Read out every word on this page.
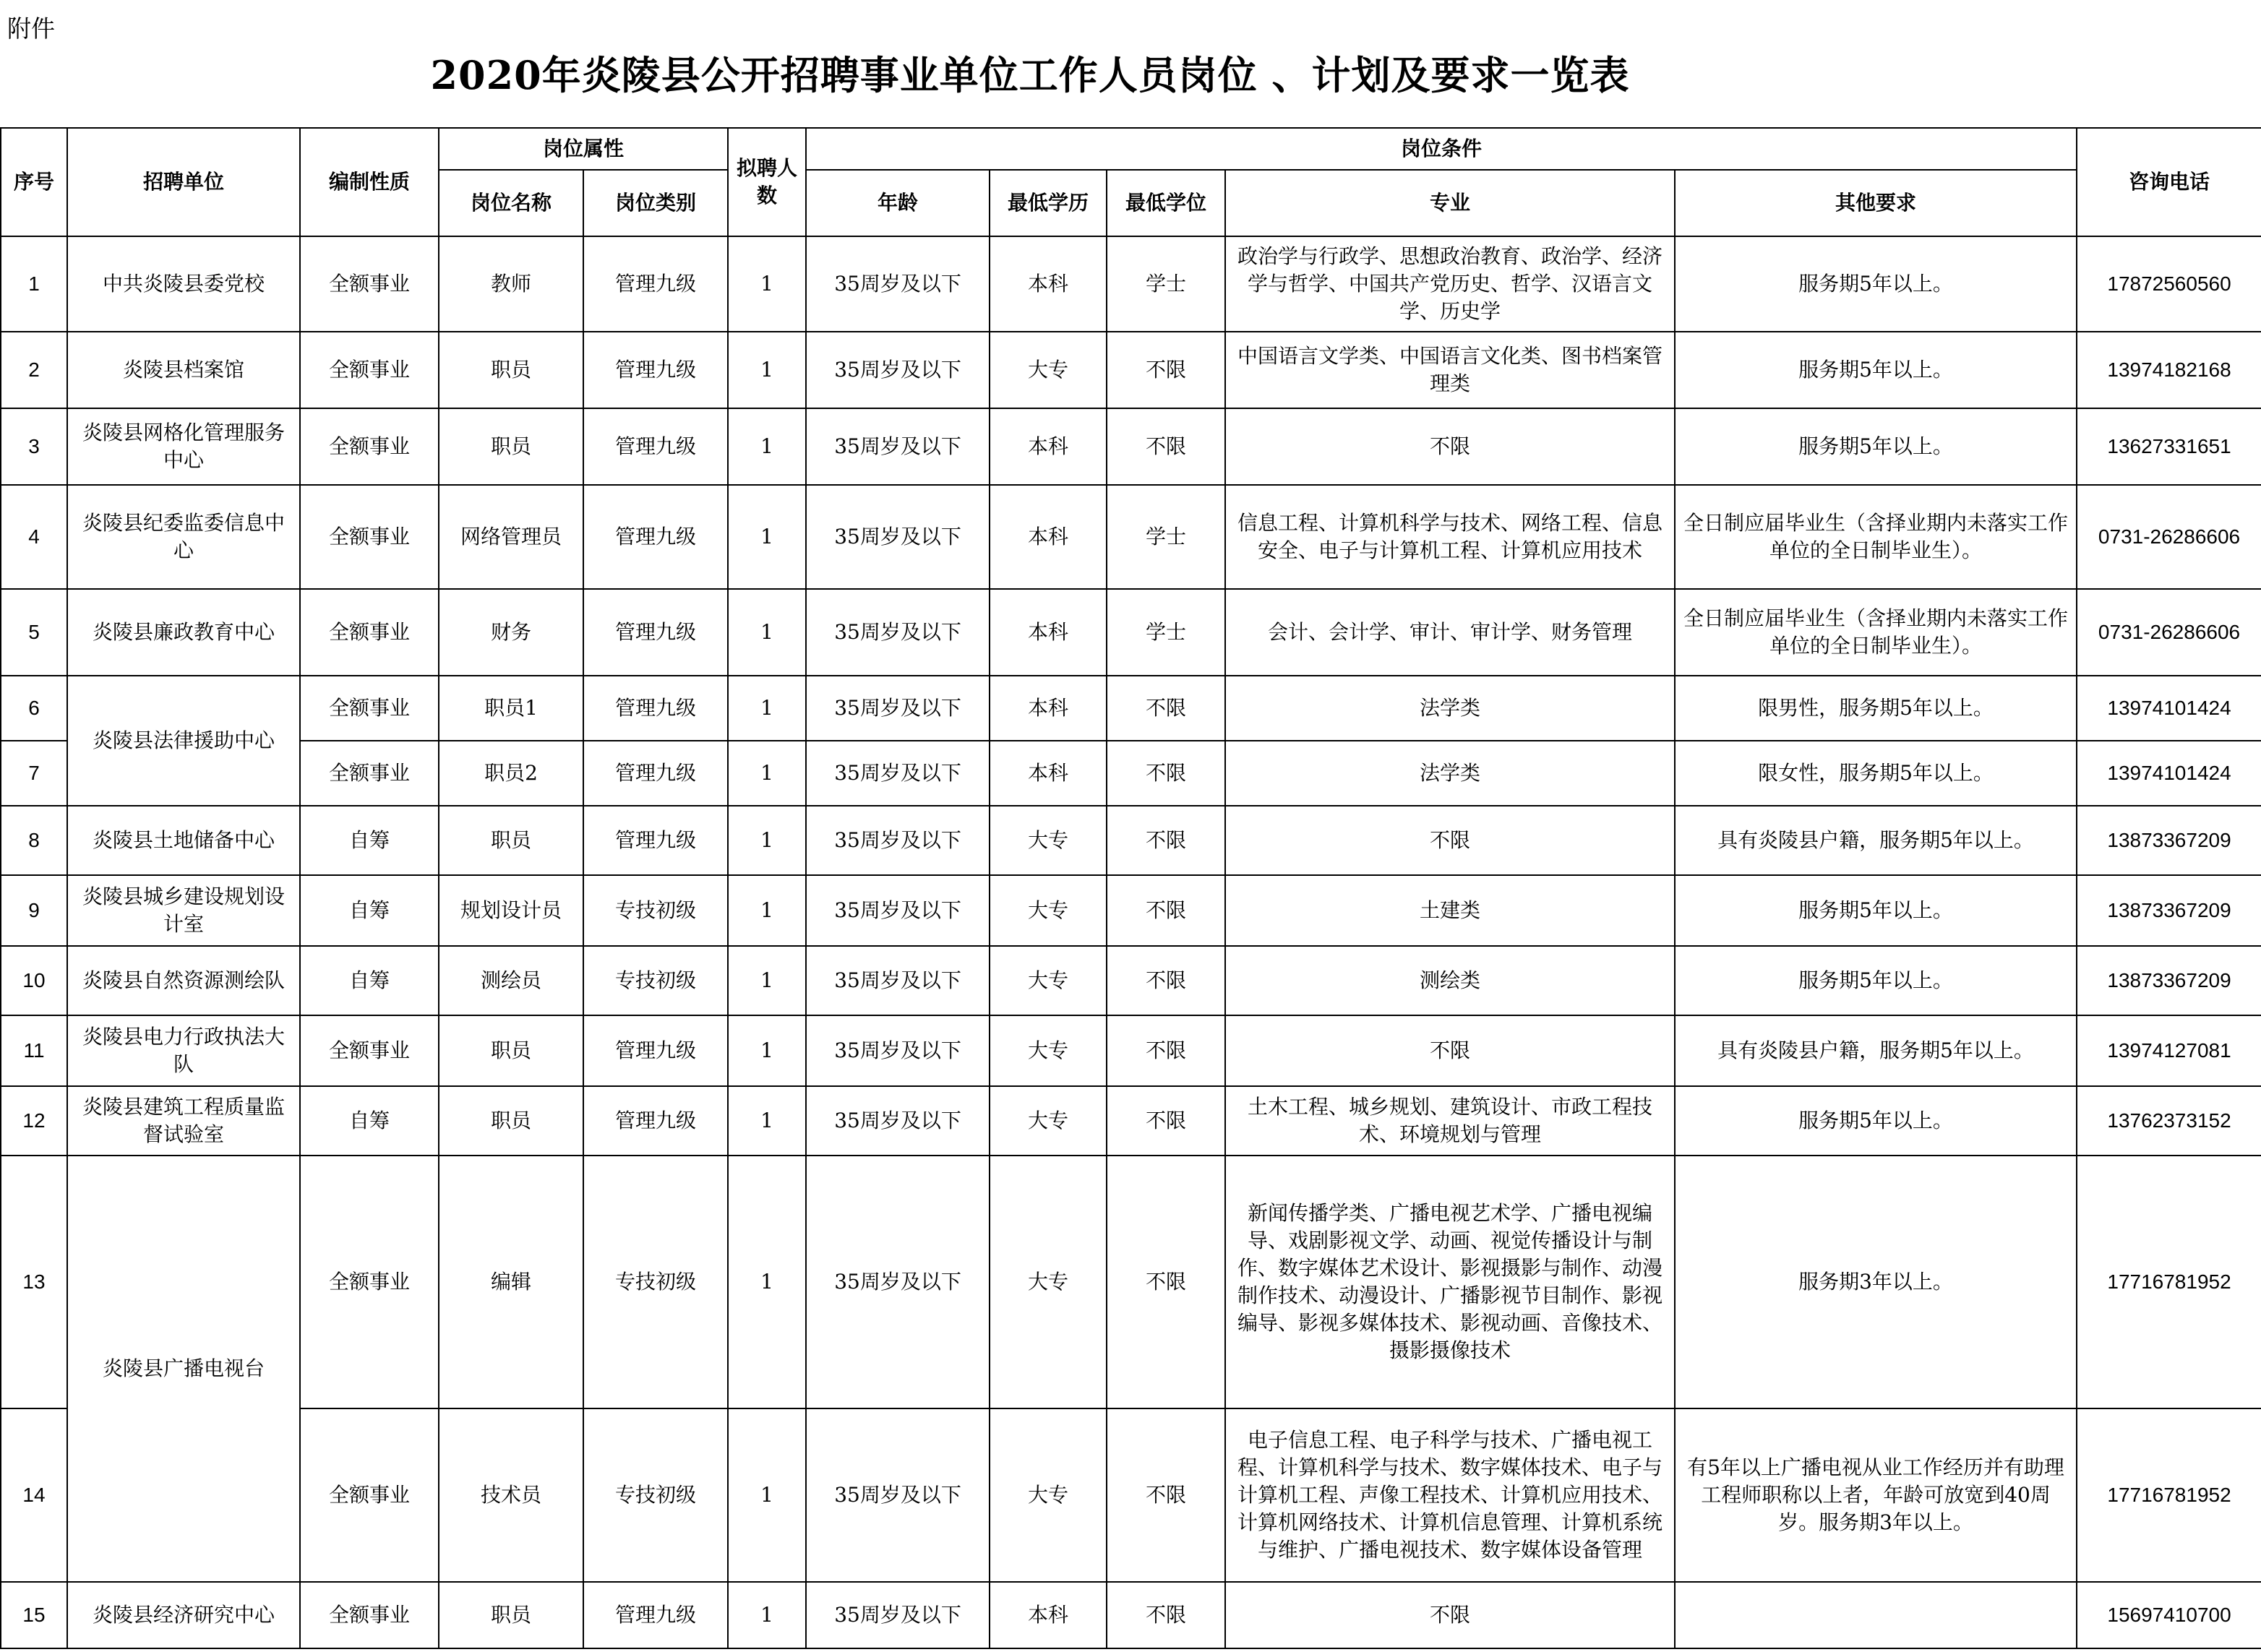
附件
2020年炎陵县公开招聘事业单位工作人员岗位 、计划及要求一览表
序号	招聘单位	编制性质	岗位属性		拟聘人数	岗位条件					咨询电话
			岗位名称	岗位类别		年龄	最低学历	最低学位	专业	其他要求	
1	中共炎陵县委党校	全额事业	教师	管理九级	1	35周岁及以下	本科	学士	政治学与行政学、思想政治教育、政治学、经济学与哲学、中国共产党历史、哲学、汉语言文学、历史学	服务期5年以上。	17872560560
2	炎陵县档案馆	全额事业	职员	管理九级	1	35周岁及以下	大专	不限	中国语言文学类、中国语言文化类、图书档案管理类	服务期5年以上。	13974182168
3	炎陵县网格化管理服务中心	全额事业	职员	管理九级	1	35周岁及以下	本科	不限	不限	服务期5年以上。	13627331651
4	炎陵县纪委监委信息中心	全额事业	网络管理员	管理九级	1	35周岁及以下	本科	学士	信息工程、计算机科学与技术、网络工程、信息安全、电子与计算机工程、计算机应用技术	全日制应届毕业生（含择业期内未落实工作单位的全日制毕业生）。	0731-26286606
5	炎陵县廉政教育中心	全额事业	财务	管理九级	1	35周岁及以下	本科	学士	会计、会计学、审计、审计学、财务管理	全日制应届毕业生（含择业期内未落实工作单位的全日制毕业生）。	0731-26286606
6	炎陵县法律援助中心	全额事业	职员1	管理九级	1	35周岁及以下	本科	不限	法学类	限男性，服务期5年以上。	13974101424
7		全额事业	职员2	管理九级	1	35周岁及以下	本科	不限	法学类	限女性，服务期5年以上。	13974101424
8	炎陵县土地储备中心	自筹	职员	管理九级	1	35周岁及以下	大专	不限	不限	具有炎陵县户籍，服务期5年以上。	13873367209
9	炎陵县城乡建设规划设计室	自筹	规划设计员	专技初级	1	35周岁及以下	大专	不限	土建类	服务期5年以上。	13873367209
10	炎陵县自然资源测绘队	自筹	测绘员	专技初级	1	35周岁及以下	大专	不限	测绘类	服务期5年以上。	13873367209
11	炎陵县电力行政执法大队	全额事业	职员	管理九级	1	35周岁及以下	大专	不限	不限	具有炎陵县户籍，服务期5年以上。	13974127081
12	炎陵县建筑工程质量监督试验室	自筹	职员	管理九级	1	35周岁及以下	大专	不限	土木工程、城乡规划、建筑设计、市政工程技术、环境规划与管理	服务期5年以上。	13762373152
13	炎陵县广播电视台	全额事业	编辑	专技初级	1	35周岁及以下	大专	不限	新闻传播学类、广播电视艺术学、广播电视编导、戏剧影视文学、动画、视觉传播设计与制作、数字媒体艺术设计、影视摄影与制作、动漫制作技术、动漫设计、广播影视节目制作、影视编导、影视多媒体技术、影视动画、音像技术、摄影摄像技术	服务期3年以上。	17716781952
14		全额事业	技术员	专技初级	1	35周岁及以下	大专	不限	电子信息工程、电子科学与技术、广播电视工程、计算机科学与技术、数字媒体技术、电子与计算机工程、声像工程技术、计算机应用技术、计算机网络技术、计算机信息管理、计算机系统与维护、广播电视技术、数字媒体设备管理	有5年以上广播电视从业工作经历并有助理工程师职称以上者，年龄可放宽到40周岁。服务期3年以上。	17716781952
15	炎陵县经济研究中心	全额事业	职员	管理九级	1	35周岁及以下	本科	不限	不限		15697410700
